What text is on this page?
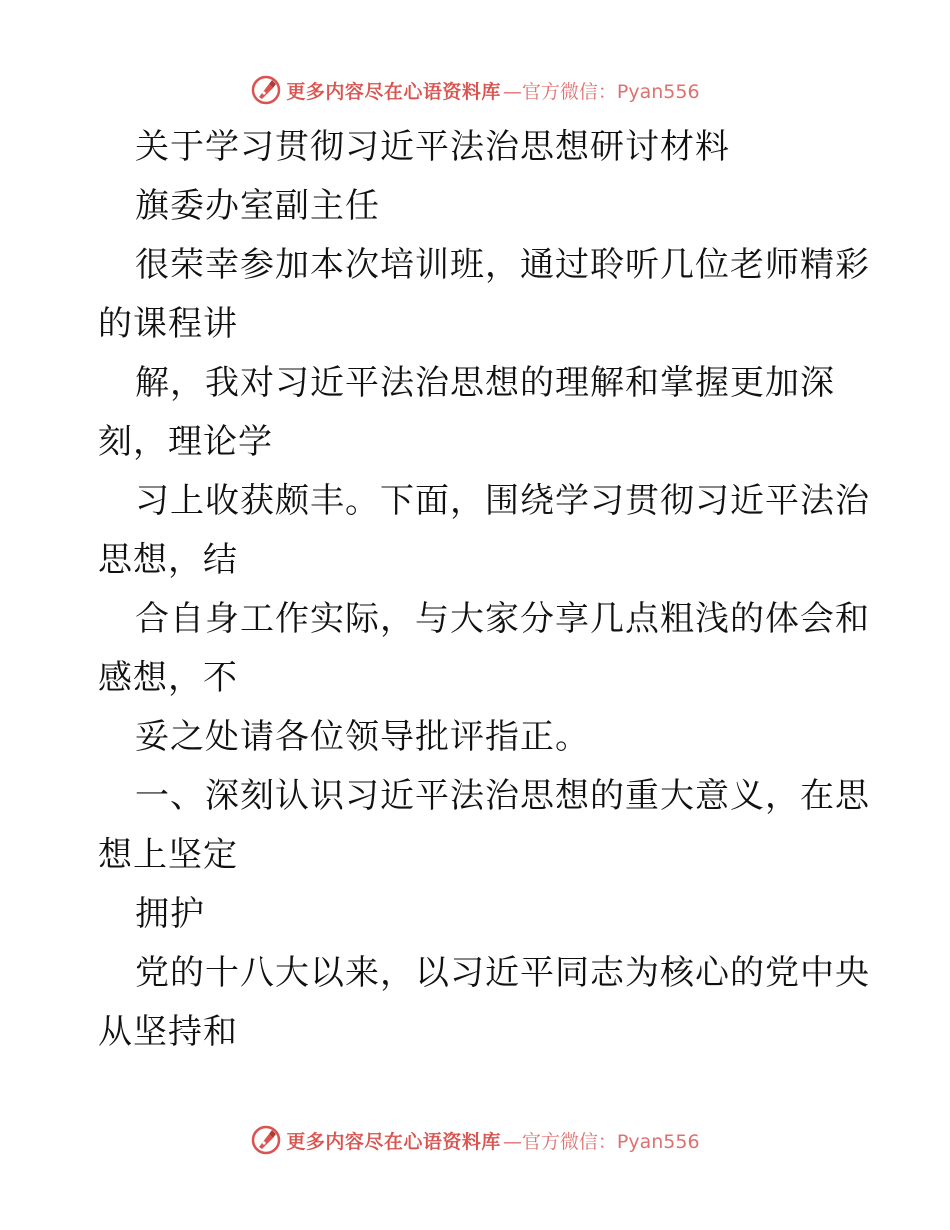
更多内容尽在心语资料库 —官方微信：Pyan556
关于学习贯彻习近平法治思想研讨材料
旗委办室副主任
很荣幸参加本次培训班，通过聆听几位老师精彩
的课程讲
解，我对习近平法治思想的理解和掌握更加深
刻，理论学
习上收获颇丰。下面，围绕学习贯彻习近平法治
思想，结
合自身工作实际，与大家分享几点粗浅的体会和
感想，不
妥之处请各位领导批评指正。
一、深刻认识习近平法治思想的重大意义，在思
想上坚定
拥护
党的十八大以来，以习近平同志为核心的党中央
从坚持和
更多内容尽在心语资料库 —官方微信：Pyan556
